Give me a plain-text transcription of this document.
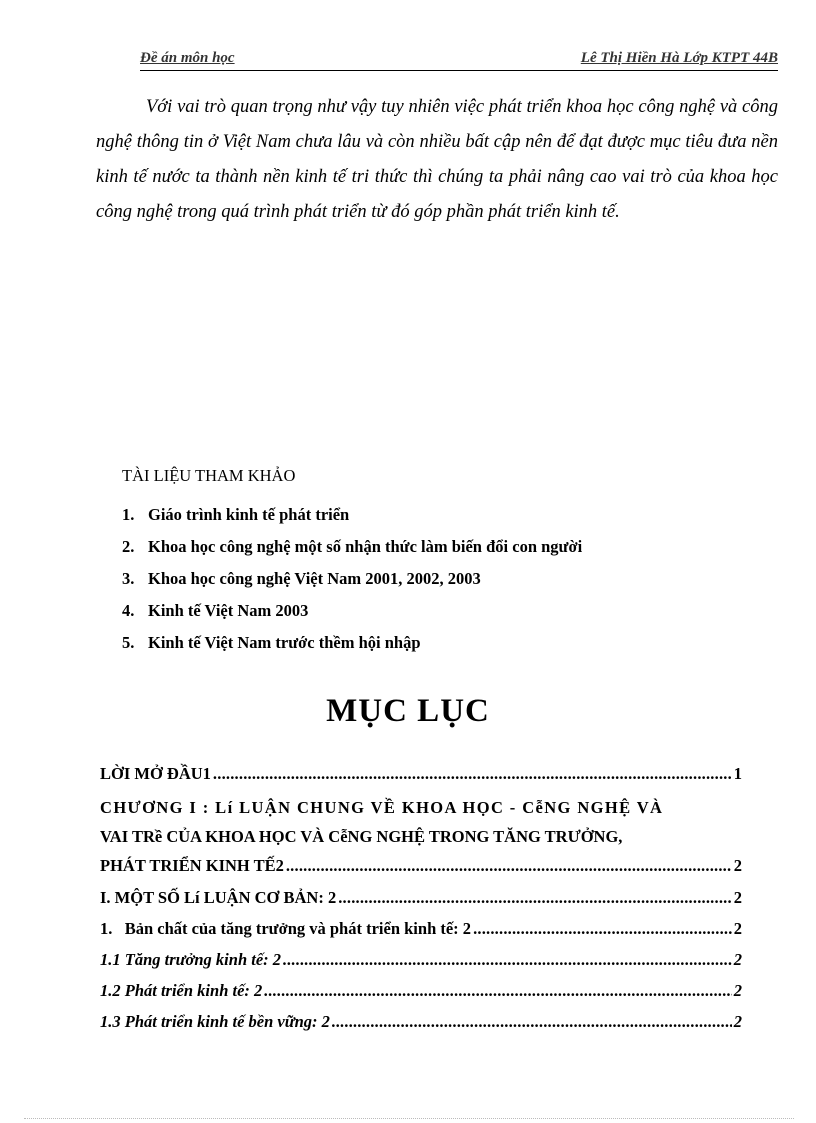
Đề án môn học	Lê Thị Hiền Hà Lớp KTPT 44B

Với vai trò quan trọng như vậy tuy nhiên việc phát triển khoa học công nghệ và công nghệ thông tin ở Việt Nam chưa lâu và còn nhiều bất cập nên để đạt được mục tiêu đưa nền kinh tế nước ta thành nền kinh tế tri thức thì chúng ta phải nâng cao vai trò của khoa học công nghệ trong quá trình phát triển từ đó góp phần phát triển kinh tế.

TÀI LIỆU THAM KHẢO
1. Giáo trình kinh tế phát triển
2. Khoa học công nghệ một số nhận thức làm biến đổi con người
3. Khoa học công nghệ Việt Nam 2001, 2002, 2003
4. Kinh tế Việt Nam 2003
5. Kinh tế Việt Nam trước thềm hội nhập
MỤC LỤC
LỜI MỞ ĐẦU1 .....	1
CHƯƠNG I : Lí LUẬN CHUNG VỀ KHOA HỌC - CễNG NGHỆ VÀ
VAI TRề CỦA KHOA HỌC VÀ CễNG NGHỆ TRONG TĂNG TRƯỞNG,
PHÁT TRIỂN KINH TẾ2 .....	2
I. MỘT SỐ Lí LUẬN CƠ BẢN: 2 .....	2
1.   Bản chất của tăng trưởng và phát triển kinh tế: 2 .....	2
1.1 Tăng trưởng kinh tế: 2 .....	2
1.2 Phát triển kinh tế: 2 .....	2
1.3 Phát triển kinh tế bền vững: 2 .....	2
